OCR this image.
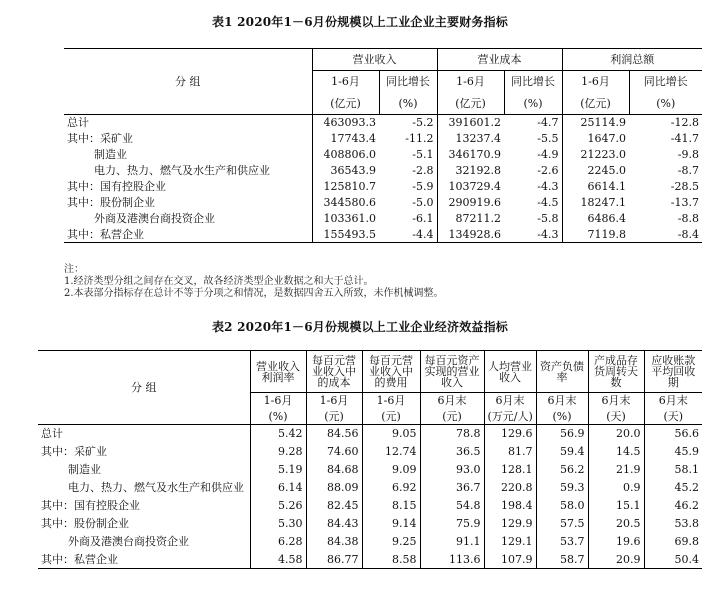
表1 2020年1－6月份规模以上工业企业主要财务指标
分 组	营业收入		营业成本		利润总额	
	1-6月	同比增长	1-6月	同比增长	1-6月	同比增长
	(亿元)	(%)	(亿元)	(%)	(亿元)	(%)
总计	463093.3	-5.2	391601.2	-4.7	25114.9	-12.8
其中：采矿业	17743.4	-11.2	13237.4	-5.5	1647.0	-41.7
制造业	408806.0	-5.1	346170.9	-4.9	21223.0	-9.8
电力、热力、燃气及水生产和供应业	36543.9	-2.8	32192.8	-2.6	2245.0	-8.7
其中：国有控股企业	125810.7	-5.9	103729.4	-4.3	6614.1	-28.5
其中：股份制企业	344580.6	-5.0	290919.6	-4.5	18247.1	-13.7
外商及港澳台商投资企业	103361.0	-6.1	87211.2	-5.8	6486.4	-8.8
其中：私营企业	155493.5	-4.4	134928.6	-4.3	7119.8	-8.4
注：
1.经济类型分组之间存在交叉，故各经济类型企业数据之和大于总计。
2.本表部分指标存在总计不等于分项之和情况，是数据四舍五入所致，未作机械调整。
表2 2020年1－6月份规模以上工业企业经济效益指标
分 组	营业收入利润率	每百元营业收入中的成本	每百元营业收入中的费用	每百元资产实现的营业收入	人均营业收入	资产负债率	产成品存货周转天数	应收账款平均回收期
	1-6月	1-6月	1-6月	6月末	6月末	6月末	6月末	6月末
	(%)	(元)	(元)	(元)	(万元/人)	(%)	(天)	(天)
总计	5.42	84.56	9.05	78.8	129.6	56.9	20.0	56.6
其中：采矿业	9.28	74.60	12.74	36.5	81.7	59.4	14.5	45.9
制造业	5.19	84.68	9.09	93.0	128.1	56.2	21.9	58.1
电力、热力、燃气及水生产和供应业	6.14	88.09	6.92	36.7	220.8	59.3	0.9	45.2
其中：国有控股企业	5.26	82.45	8.15	54.8	198.4	58.0	15.1	46.2
其中：股份制企业	5.30	84.43	9.14	75.9	129.9	57.5	20.5	53.8
外商及港澳台商投资企业	6.28	84.38	9.25	91.1	129.1	53.7	19.6	69.8
其中：私营企业	4.58	86.77	8.58	113.6	107.9	58.7	20.9	50.4
